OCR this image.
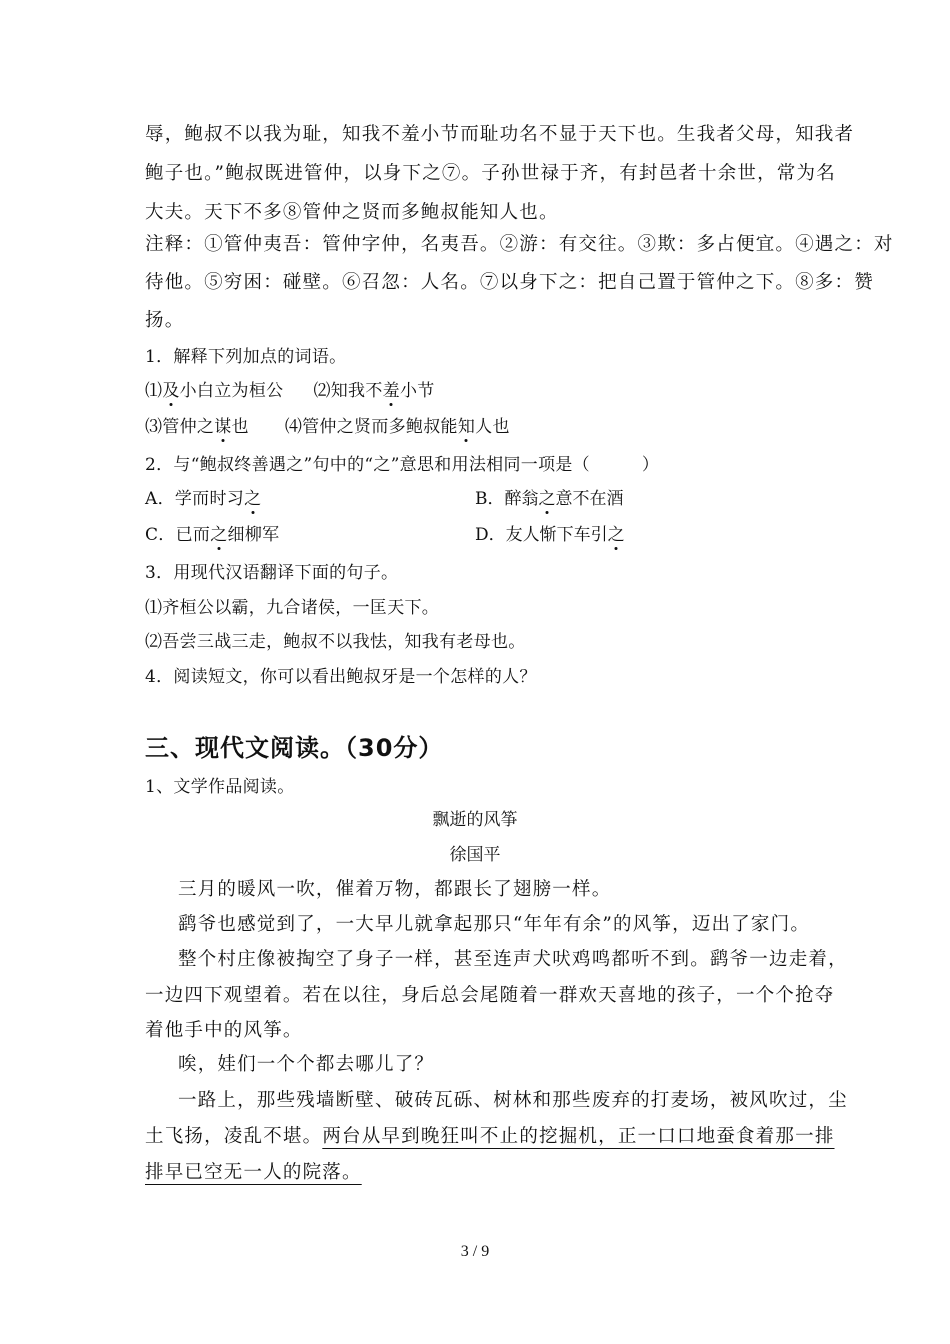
辱，鲍叔不以我为耻，知我不羞小节而耻功名不显于天下也。生我者父母，知我者
鲍子也。”鲍叔既进管仲，以身下之⑦。子孙世禄于齐，有封邑者十余世，常为名
大夫。天下不多⑧管仲之贤而多鲍叔能知人也。
注释：①管仲夷吾：管仲字仲，名夷吾。②游：有交往。③欺：多占便宜。④遇之：对
待他。⑤穷困：碰壁。⑥召忽：人名。⑦以身下之：把自己置于管仲之下。⑧多：赞
扬。
1．解释下列加点的词语。
⑴及小白立为桓公 ⑵知我不羞小节
⑶管仲之谋也 ⑷管仲之贤而多鲍叔能知人也
2．与“鲍叔终善遇之”句中的“之”意思和用法相同一项是（　　　）
A．学而时习之	B．醉翁之意不在酒
C．已而之细柳军	D．友人惭下车引之
3．用现代汉语翻译下面的句子。
⑴齐桓公以霸，九合诸侯，一匡天下。
⑵吾尝三战三走，鲍叔不以我怯，知我有老母也。
4．阅读短文，你可以看出鲍叔牙是一个怎样的人？
三、现代文阅读。（30分）
1、文学作品阅读。
飘逝的风筝
徐国平
三月的暖风一吹，催着万物，都跟长了翅膀一样。
鹞爷也感觉到了，一大早儿就拿起那只“年年有余”的风筝，迈出了家门。
整个村庄像被掏空了身子一样，甚至连声犬吠鸡鸣都听不到。鹞爷一边走着，
一边四下观望着。若在以往，身后总会尾随着一群欢天喜地的孩子，一个个抢夺
着他手中的风筝。
唉，娃们一个个都去哪儿了？
一路上，那些残墙断壁、破砖瓦砾、树林和那些废弃的打麦场，被风吹过，尘
土飞扬，凌乱不堪。两台从早到晚狂叫不止的挖掘机，正一口口地蚕食着那一排
排早已空无一人的院落。
3 / 9
